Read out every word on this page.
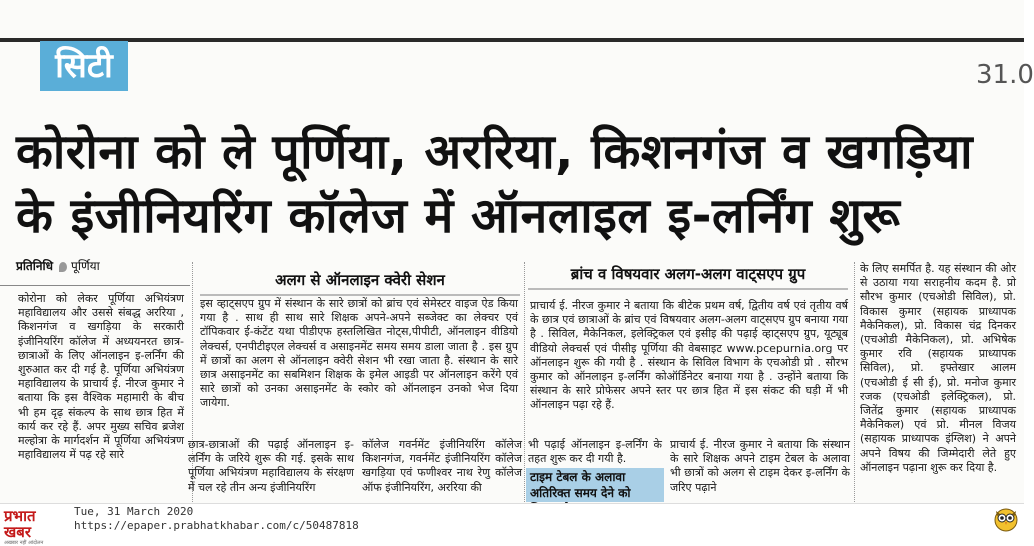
सिटी	31.0
कोरोना को ले पूर्णिया, अररिया, किशनगंज व खगड़िया
के इंजीनियरिंग कॉलेज में ऑनलाइल इ-लर्निंग शुरू
प्रतिनिधि पूर्णिया
कोरोना को लेकर पूर्णिया अभियंत्रण महाविद्यालय और उससे संबद्ध अररिया , किशनगंज व खगड़िया के सरकारी इंजीनियरिंग कॉलेज में अध्ययनरत छात्र-छात्राओं के लिए ऑनलाइन इ-लर्निंग की शुरुआत कर दी गई है. पूर्णिया अभियंत्रण महाविद्यालय के प्राचार्य ई. नीरज कुमार ने बताया कि इस वैश्विक महामारी के बीच भी हम दृढ़ संकल्प के साथ छात्र हित में कार्य कर रहे हैं. अपर मुख्य सचिव ब्रजेश मल्होत्रा के मार्गदर्शन में पूर्णिया अभियंत्रण महाविद्यालय में पढ़ रहे सारे
अलग से ऑनलाइन क्वेरी सेशन	ब्रांच व विषयवार अलग-अलग वाट्सएप ग्रुप
इस व्हाट्सएप ग्रुप में संस्थान के सारे छात्रों को ब्रांच एवं सेमेस्टर वाइज ऐड किया गया है . साथ ही साथ सारे शिक्षक अपने-अपने सब्जेक्ट का लेक्चर एवं टॉपिकवार ई-कंटेंट यथा पीडीएफ हस्तलिखित नोट्स,पीपीटी, ऑनलाइन वीडियो लेक्चर्स, एनपीटीइएल लेक्चर्स व असाइनमेंट समय समय डाला जाता है . इस ग्रुप में छात्रों का अलग से ऑनलाइन क्वेरी सेशन भी रखा जाता है. संस्थान के सारे छात्र असाइनमेंट का सबमिशन शिक्षक के इमेल आइडी पर ऑनलाइन करेंगे एवं सारे छात्रों को उनका असाइनमेंट के स्कोर को ऑनलाइन उनको भेज दिया जायेगा.
प्राचार्य ई. नीरज कुमार ने बताया कि बीटेक प्रथम वर्ष, द्वितीय वर्ष एवं तृतीय वर्ष के छात्र एवं छात्राओं के ब्रांच एवं विषयवार अलग-अलग वाट्सएप ग्रुप बनाया गया है . सिविल, मैकेनिकल, इलेक्ट्रिकल एवं इसीइ की पढ़ाई व्हाट्सएप ग्रुप, यूट्यूब वीडियो लेक्चर्स एवं पीसीइ पूर्णिया की वेबसाइट www.pcepurnia.org पर ऑनलाइन शुरू की गयी है . संस्थान के सिविल विभाग के एचओडी प्रो . सौरभ कुमार को ऑनलाइन इ-लर्निंग कोऑर्डिनेटर बनाया गया है . उन्होंने बताया कि संस्थान के सारे प्रोफेसर अपने स्तर पर छात्र हित में इस संकट की घड़ी में भी ऑनलाइन पढ़ा रहे हैं.
के लिए समर्पित है. यह संस्थान की ओर से उठाया गया सराहनीय कदम है. प्रो सौरभ कुमार (एचओडी सिविल), प्रो. विकास कुमार (सहायक प्राध्यापक मैकेनिकल), प्रो. विकास चंद्र दिनकर (एचओडी मैकेनिकल), प्रो. अभिषेक कुमार रवि (सहायक प्राध्यापक सिविल), प्रो. इफ्तेखार आलम (एचओडी ई सी ई), प्रो. मनोज कुमार रजक (एचओडी इलेक्ट्रिकल), प्रो. जितेंद्र कुमार (सहायक प्राध्यापक मैकेनिकल) एवं प्रो. मीनल विजय (सहायक प्राध्यापक इंग्लिश) ने अपने अपने विषय की जिम्मेदारी लेते हुए ऑनलाइन पढ़ाना शुरू कर दिया है.
छात्र-छात्राओं की पढ़ाई ऑनलाइन इ-लर्निंग के जरिये शुरू की गई. इसके साथ पूर्णिया अभियंत्रण महाविद्यालय के संरक्षण में चल रहे तीन अन्य इंजीनियरिंग
कॉलेज गवर्नमेंट इंजीनियरिंग कॉलेज किशनगंज, गवर्नमेंट इंजीनियरिंग कॉलेज खगड़िया एवं फणीश्वर नाथ रेणु कॉलेज ऑफ इंजीनियरिंग, अररिया की
भी पढ़ाई ऑनलाइन इ-लर्निंग के तहत शुरू कर दी गयी है.
प्राचार्य ई. नीरज कुमार ने बताया कि संस्थान के सारे शिक्षक अपने टाइम टेबल के अलावा भी छात्रों को अलग से टाइम देकर इ-लर्निंग के जरिए पढ़ाने
टाइम टेबल के अलावा अतिरिक्त समय देने को
प्रभात खबर
अखबार नहीं आंदोलन
Tue, 31 March 2020
https://epaper.prabhatkhabar.com/c/50487818
